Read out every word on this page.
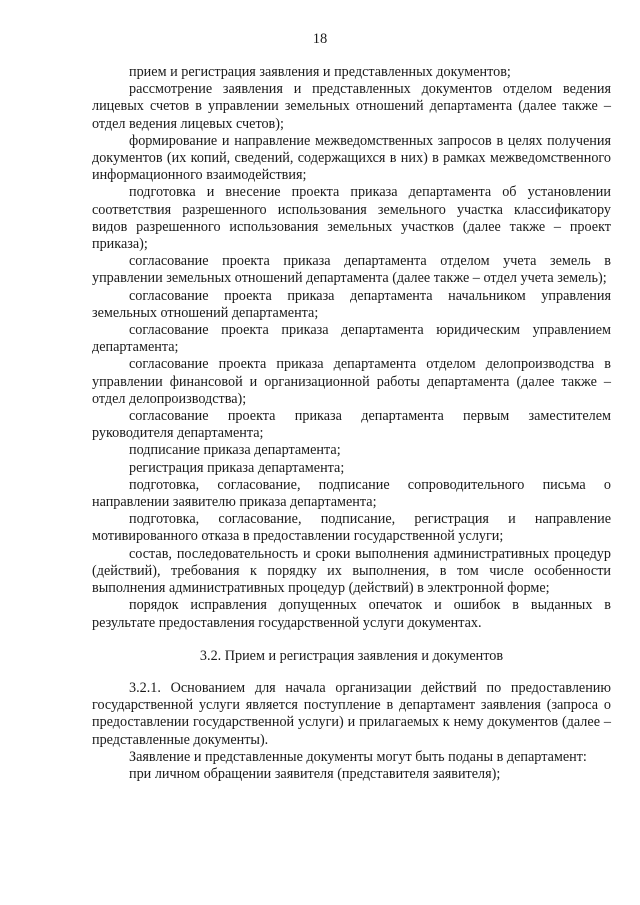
18

прием и регистрация заявления и представленных документов;

рассмотрение заявления и представленных документов отделом ведения лицевых счетов в управлении земельных отношений департамента (далее также – отдел ведения лицевых счетов);

формирование и направление межведомственных запросов в целях получения документов (их копий, сведений, содержащихся в них) в рамках межведомственного информационного взаимодействия;

подготовка и внесение проекта приказа департамента об установлении соответствия разрешенного использования земельного участка классификатору видов разрешенного использования земельных участков (далее также – проект приказа);

согласование проекта приказа департамента отделом учета земель в управлении земельных отношений департамента (далее также – отдел учета земель);

согласование проекта приказа департамента начальником управления земельных отношений департамента;

согласование проекта приказа департамента юридическим управлением департамента;

согласование проекта приказа департамента отделом делопроизводства в управлении финансовой и организационной работы департамента (далее также – отдел делопроизводства);

согласование проекта приказа департамента первым заместителем руководителя департамента;

подписание приказа департамента;

регистрация приказа департамента;

подготовка, согласование, подписание сопроводительного письма о направлении заявителю приказа департамента;

подготовка, согласование, подписание, регистрация и направление мотивированного отказа в предоставлении государственной услуги;

состав, последовательность и сроки выполнения административных процедур (действий), требования к порядку их выполнения, в том числе особенности выполнения административных процедур (действий) в электронной форме;

порядок исправления допущенных опечаток и ошибок в выданных в результате предоставления государственной услуги документах.

3.2. Прием и регистрация заявления и документов

3.2.1. Основанием для начала организации действий по предоставлению государственной услуги является поступление в департамент заявления (запроса о предоставлении государственной услуги) и прилагаемых к нему документов (далее – представленные документы).

Заявление и представленные документы могут быть поданы в департамент:

при личном обращении заявителя (представителя заявителя);
